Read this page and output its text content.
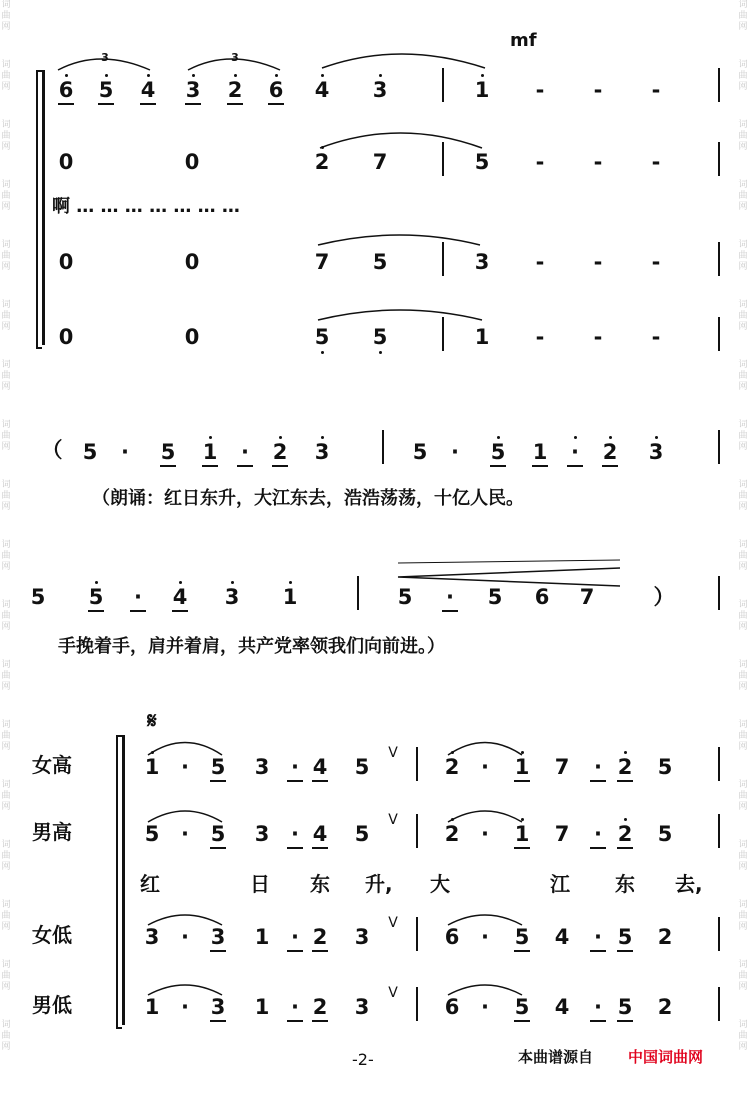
词
曲
网
词
曲
网
词
曲
网
词
曲
网
词
曲
网
词
曲
网
词
曲
网
词
曲
网
词
曲
网
词
曲
网
词
曲
网
词
曲
网
词
曲
网
词
曲
网
词
曲
网
词
曲
网
词
曲
网
词
曲
网
词
曲
网
词
曲
网
词
曲
网
词
曲
网
词
曲
网
词
曲
网
词
曲
网
词
曲
网
词
曲
网
词
曲
网
词
曲
网
词
曲
网
词
曲
网
词
曲
网
词
曲
网
词
曲
网
词
曲
网
词
曲
网
mf
3	3
6 5 4 3 2 6 4 3	1 - - -
0	0	2 7	5 - - -
啊 … … … … … … …
0	0	7 5	3 - - -
0	0	5 5	1 - - -
（ 5 · 5 1 · 2 3	5 · 5 1 · 2 3
（朗诵：红日东升，大江东去，浩浩荡荡，十亿人民。
5 5 · 4 3 1	5 · 5 6 7	）
手挽着手，肩并着肩，共产党率领我们向前进。）
𝄋
女高	1 · 5 3 · 4 5	2 · 1 7 · 2 5
V
男高	5 · 5 3 · 4 5	2 · 1 7 · 2 5
V
女低	3 · 3 1 · 2 3	6 · 5 4 · 5 2
V
男低	1 · 3 1 · 2 3	6 · 5 4 · 5 2
V
红	日 东 升, 大	江 东 去,
-2-	本曲谱源自 中国词曲网
